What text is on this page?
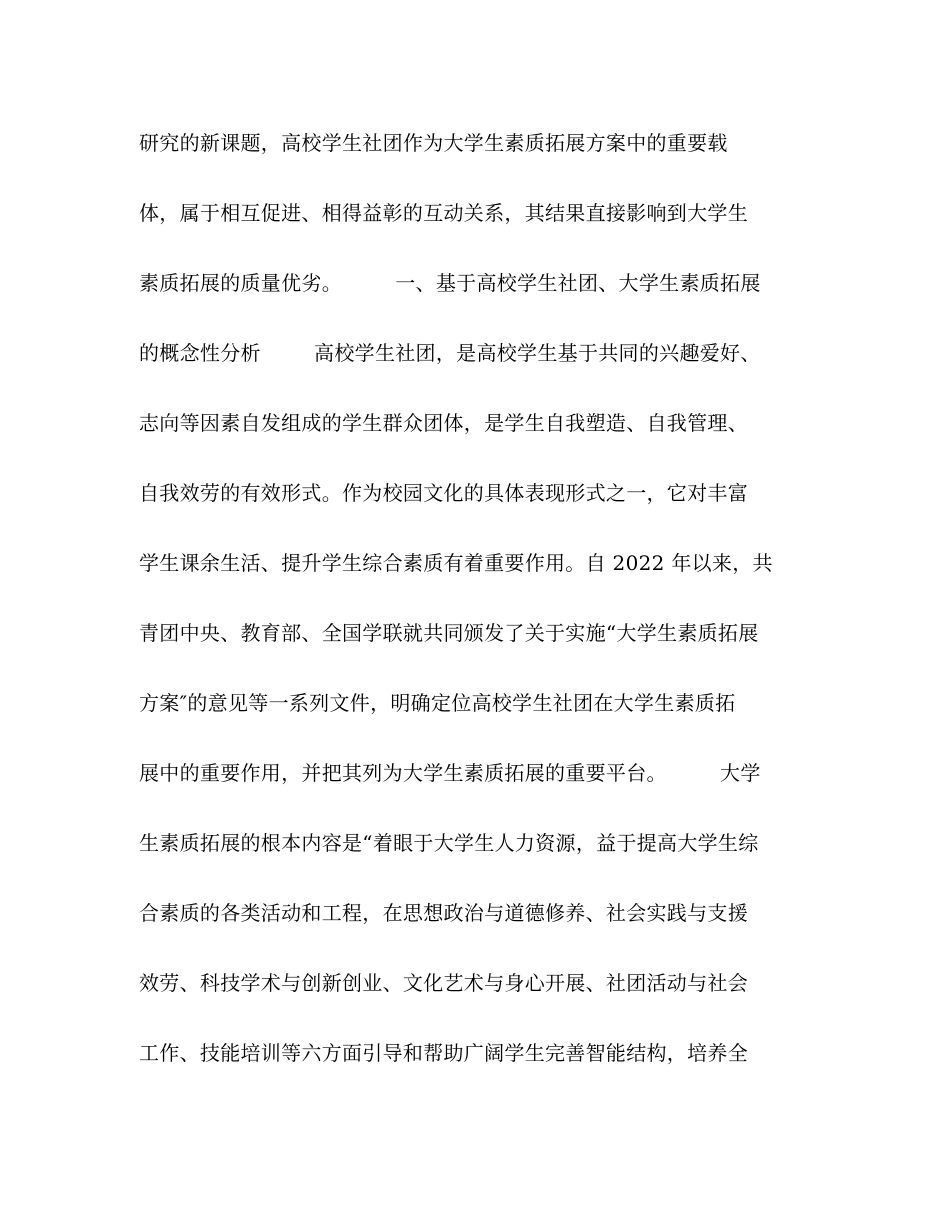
研究的新课题，高校学生社团作为大学生素质拓展方案中的重要载
体，属于相互促进、相得益彰的互动关系，其结果直接影响到大学生
素质拓展的质量优劣。        一、基于高校学生社团、大学生素质拓展
的概念性分析        高校学生社团，是高校学生基于共同的兴趣爱好、
志向等因素自发组成的学生群众团体，是学生自我塑造、自我管理、
自我效劳的有效形式。作为校园文化的具体表现形式之一，它对丰富
学生课余生活、提升学生综合素质有着重要作用。自 2022 年以来，共
青团中央、教育部、全国学联就共同颁发了关于实施“大学生素质拓展
方案″的意见等一系列文件，明确定位高校学生社团在大学生素质拓
展中的重要作用，并把其列为大学生素质拓展的重要平台。        大学
生素质拓展的根本内容是“着眼于大学生人力资源，益于提高大学生综
合素质的各类活动和工程，在思想政治与道德修养、社会实践与支援
效劳、科技学术与创新创业、文化艺术与身心开展、社团活动与社会
工作、技能培训等六方面引导和帮助广阔学生完善智能结构，培养全
